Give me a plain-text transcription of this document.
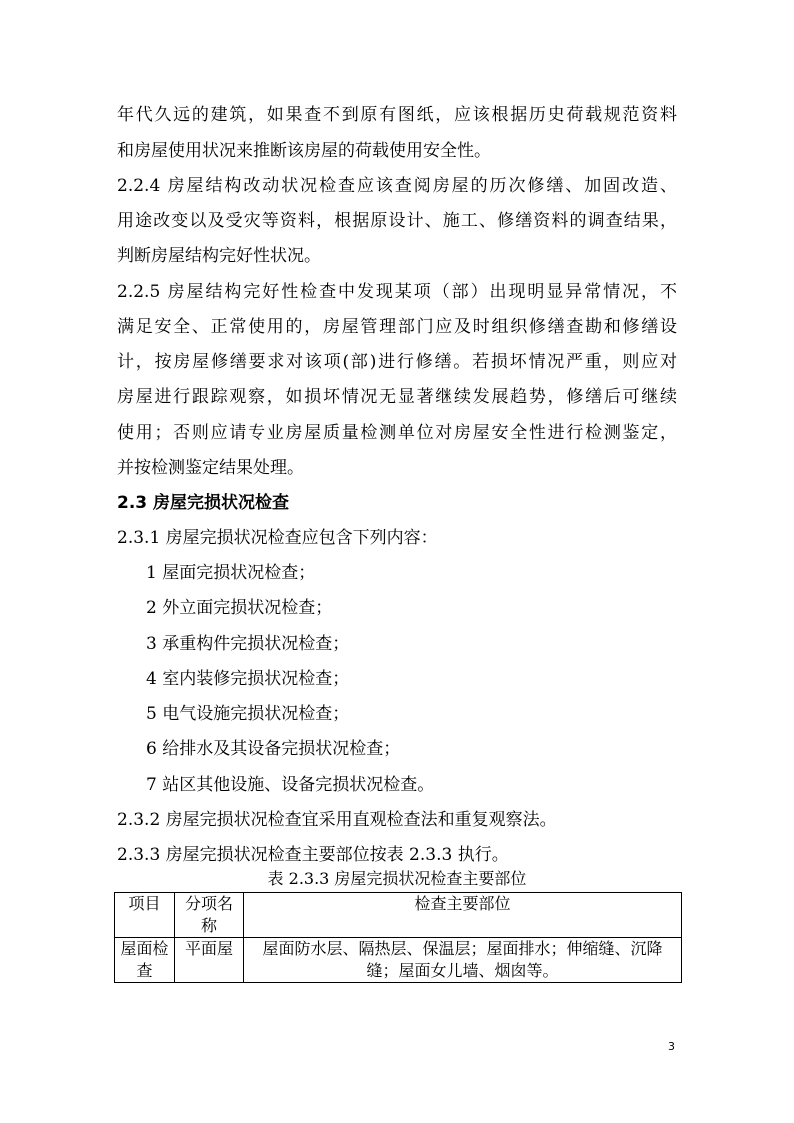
年代久远的建筑，如果查不到原有图纸，应该根据历史荷载规范资料
和房屋使用状况来推断该房屋的荷载使用安全性。
2.2.4 房屋结构改动状况检查应该查阅房屋的历次修缮、加固改造、
用途改变以及受灾等资料，根据原设计、施工、修缮资料的调查结果，
判断房屋结构完好性状况。
2.2.5 房屋结构完好性检查中发现某项（部）出现明显异常情况，不
满足安全、正常使用的，房屋管理部门应及时组织修缮查勘和修缮设
计，按房屋修缮要求对该项(部)进行修缮。若损坏情况严重，则应对
房屋进行跟踪观察，如损坏情况无显著继续发展趋势，修缮后可继续
使用；否则应请专业房屋质量检测单位对房屋安全性进行检测鉴定，
并按检测鉴定结果处理。
2.3 房屋完损状况检查
2.3.1 房屋完损状况检查应包含下列内容：
1 屋面完损状况检查；
2 外立面完损状况检查；
3 承重构件完损状况检查；
4 室内装修完损状况检查；
5 电气设施完损状况检查；
6 给排水及其设备完损状况检查；
7 站区其他设施、设备完损状况检查。
2.3.2 房屋完损状况检查宜采用直观检查法和重复观察法。
2.3.3 房屋完损状况检查主要部位按表 2.3.3 执行。
表 2.3.3 房屋完损状况检查主要部位
项目	分项名称	检查主要部位
屋面检查	平面屋	屋面防水层、隔热层、保温层；屋面排水；伸缩缝、沉降缝；屋面女儿墙、烟囱等。
3
